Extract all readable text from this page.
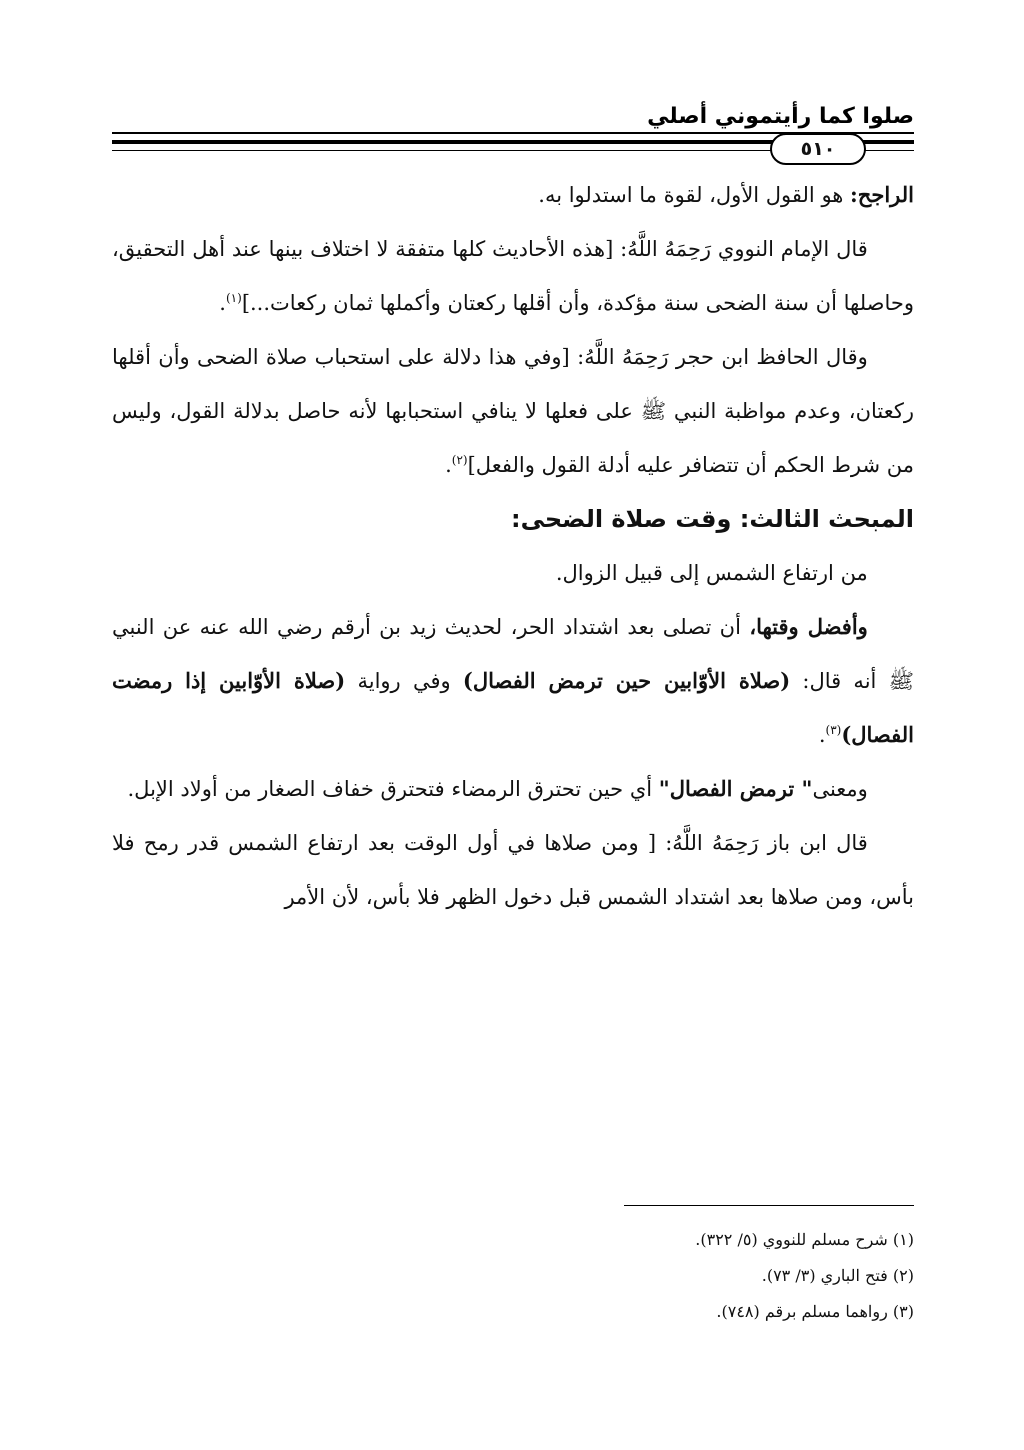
صلوا كما رأيتموني أصلي
٥١٠

الراجح: هو القول الأول، لقوة ما استدلوا به.

قال الإمام النووي رَحِمَهُ اللَّهُ: [هذه الأحاديث كلها متفقة لا اختلاف بينها عند أهل التحقيق، وحاصلها أن سنة الضحى سنة مؤكدة، وأن أقلها ركعتان وأكملها ثمان ركعات...]$^{(١)}$.

وقال الحافظ ابن حجر رَحِمَهُ اللَّهُ: [وفي هذا دلالة على استحباب صلاة الضحى وأن أقلها ركعتان، وعدم مواظبة النبي ﷺ على فعلها لا ينافي استحبابها لأنه حاصل بدلالة القول، وليس من شرط الحكم أن تتضافر عليه أدلة القول والفعل]$^{(٢)}$.

المبحث الثالث: وقت صلاة الضحى:

من ارتفاع الشمس إلى قبيل الزوال.

وأفضل وقتها، أن تصلى بعد اشتداد الحر، لحديث زيد بن أرقم رضي الله عنه عن النبي ﷺ أنه قال: (صلاة الأوّابين حين ترمض الفصال) وفي رواية (صلاة الأوّابين إذا رمضت الفصال)$^{(٣)}$.

ومعنى" ترمض الفصال" أي حين تحترق الرمضاء فتحترق خفاف الصغار من أولاد الإبل.

قال ابن باز رَحِمَهُ اللَّهُ: [ ومن صلاها في أول الوقت بعد ارتفاع الشمس قدر رمح فلا بأس، ومن صلاها بعد اشتداد الشمس قبل دخول الظهر فلا بأس، لأن الأمر

(١) شرح مسلم للنووي (٥/ ٣٢٢).

(٢) فتح الباري (٣/ ٧٣).

(٣) رواهما مسلم برقم (٧٤٨).
